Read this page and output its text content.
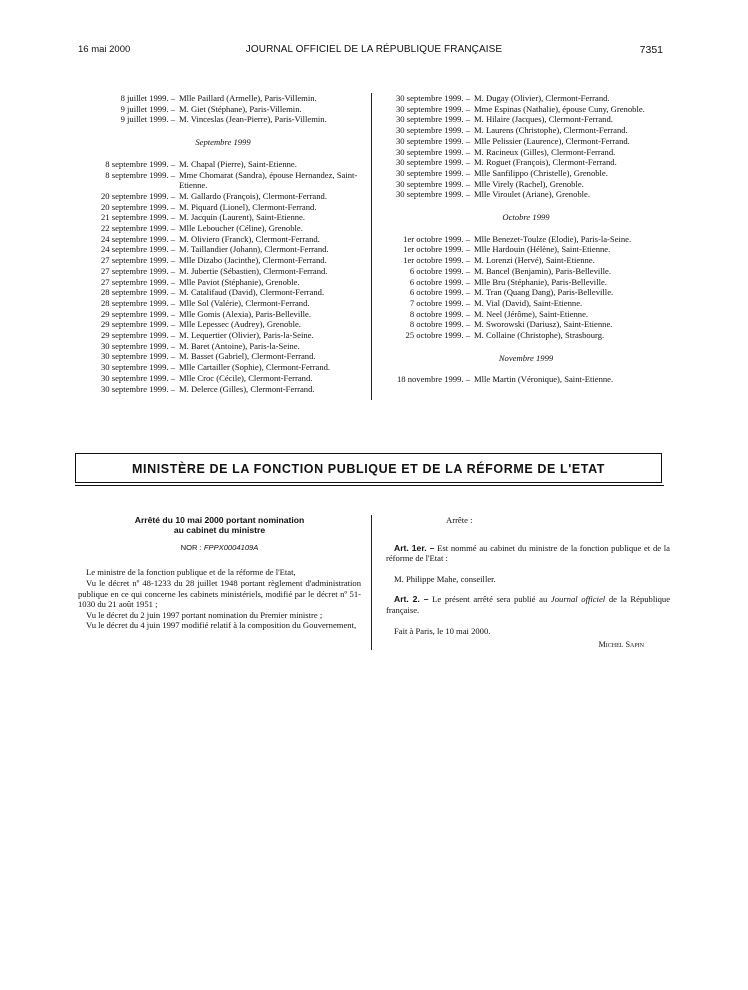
16 mai 2000	JOURNAL OFFICIEL DE LA RÉPUBLIQUE FRANÇAISE	7351
8 juillet 1999. – Mlle Paillard (Armelle), Paris-Villemin.
9 juillet 1999. – M. Giet (Stéphane), Paris-Villemin.
9 juillet 1999. – M. Vinceslas (Jean-Pierre), Paris-Villemin.
Septembre 1999
8 septembre 1999. – M. Chapal (Pierre), Saint-Etienne.
8 septembre 1999. – Mme Chomarat (Sandra), épouse Hernandez, Saint-Etienne.
20 septembre 1999. – M. Gallardo (François), Clermont-Ferrand.
20 septembre 1999. – M. Piquard (Lionel), Clermont-Ferrand.
21 septembre 1999. – M. Jacquin (Laurent), Saint-Etienne.
22 septembre 1999. – Mlle Leboucher (Céline), Grenoble.
24 septembre 1999. – M. Oliviero (Franck), Clermont-Ferrand.
24 septembre 1999. – M. Taillandier (Johann), Clermont-Ferrand.
27 septembre 1999. – Mlle Dizabo (Jacinthe), Clermont-Ferrand.
27 septembre 1999. – M. Jubertie (Sébastien), Clermont-Ferrand.
27 septembre 1999. – Mlle Paviot (Stéphanie), Grenoble.
28 septembre 1999. – M. Catalifaud (David), Clermont-Ferrand.
28 septembre 1999. – Mlle Sol (Valérie), Clermont-Ferrand.
29 septembre 1999. – Mlle Gomis (Alexia), Paris-Belleville.
29 septembre 1999. – Mlle Lepessec (Audrey), Grenoble.
29 septembre 1999. – M. Lequertier (Olivier), Paris-la-Seine.
30 septembre 1999. – M. Baret (Antoine), Paris-la-Seine.
30 septembre 1999. – M. Basset (Gabriel), Clermont-Ferrand.
30 septembre 1999. – Mlle Cartailler (Sophie), Clermont-Ferrand.
30 septembre 1999. – Mlle Croc (Cécile), Clermont-Ferrand.
30 septembre 1999. – M. Delerce (Gilles), Clermont-Ferrand.
30 septembre 1999. – M. Dugay (Olivier), Clermont-Ferrand.
30 septembre 1999. – Mme Espinas (Nathalie), épouse Cuny, Grenoble.
30 septembre 1999. – M. Hilaire (Jacques), Clermont-Ferrand.
30 septembre 1999. – M. Laurens (Christophe), Clermont-Ferrand.
30 septembre 1999. – Mlle Pelissier (Laurence), Clermont-Ferrand.
30 septembre 1999. – M. Racineux (Gilles), Clermont-Ferrand.
30 septembre 1999. – M. Roguet (François), Clermont-Ferrand.
30 septembre 1999. – Mlle Sanfilippo (Christelle), Grenoble.
30 septembre 1999. – Mlle Virely (Rachel), Grenoble.
30 septembre 1999. – Mlle Viroulet (Ariane), Grenoble.
Octobre 1999
1er octobre 1999. – Mlle Benezet-Toulze (Elodie), Paris-la-Seine.
1er octobre 1999. – Mlle Hardouin (Hélène), Saint-Etienne.
1er octobre 1999. – M. Lorenzi (Hervé), Saint-Etienne.
6 octobre 1999. – M. Bancel (Benjamin), Paris-Belleville.
6 octobre 1999. – Mlle Bru (Stéphanie), Paris-Belleville.
6 octobre 1999. – M. Tran (Quang Dang), Paris-Belleville.
7 octobre 1999. – M. Vial (David), Saint-Etienne.
8 octobre 1999. – M. Neel (Jérôme), Saint-Etienne.
8 octobre 1999. – M. Sworowski (Dariusz), Saint-Etienne.
25 octobre 1999. – M. Collaine (Christophe), Strasbourg.
Novembre 1999
18 novembre 1999. – Mlle Martin (Véronique), Saint-Etienne.
MINISTÈRE DE LA FONCTION PUBLIQUE ET DE LA RÉFORME DE L'ETAT
Arrêté du 10 mai 2000 portant nomination
au cabinet du ministre
NOR : FPPX0004109A
Le ministre de la fonction publique et de la réforme de l'Etat,
Vu le décret nº 48-1233 du 28 juillet 1948 portant règlement d'administration publique en ce qui concerne les cabinets ministériels, modifié par le décret nº 51-1030 du 21 août 1951 ;
Vu le décret du 2 juin 1997 portant nomination du Premier ministre ;
Vu le décret du 4 juin 1997 modifié relatif à la composition du Gouvernement,
Arrête :
Art. 1er. – Est nommé au cabinet du ministre de la fonction publique et de la réforme de l'Etat :
M. Philippe Mahe, conseiller.
Art. 2. – Le présent arrêté sera publié au Journal officiel de la République française.
Fait à Paris, le 10 mai 2000.
Michel Sapin
